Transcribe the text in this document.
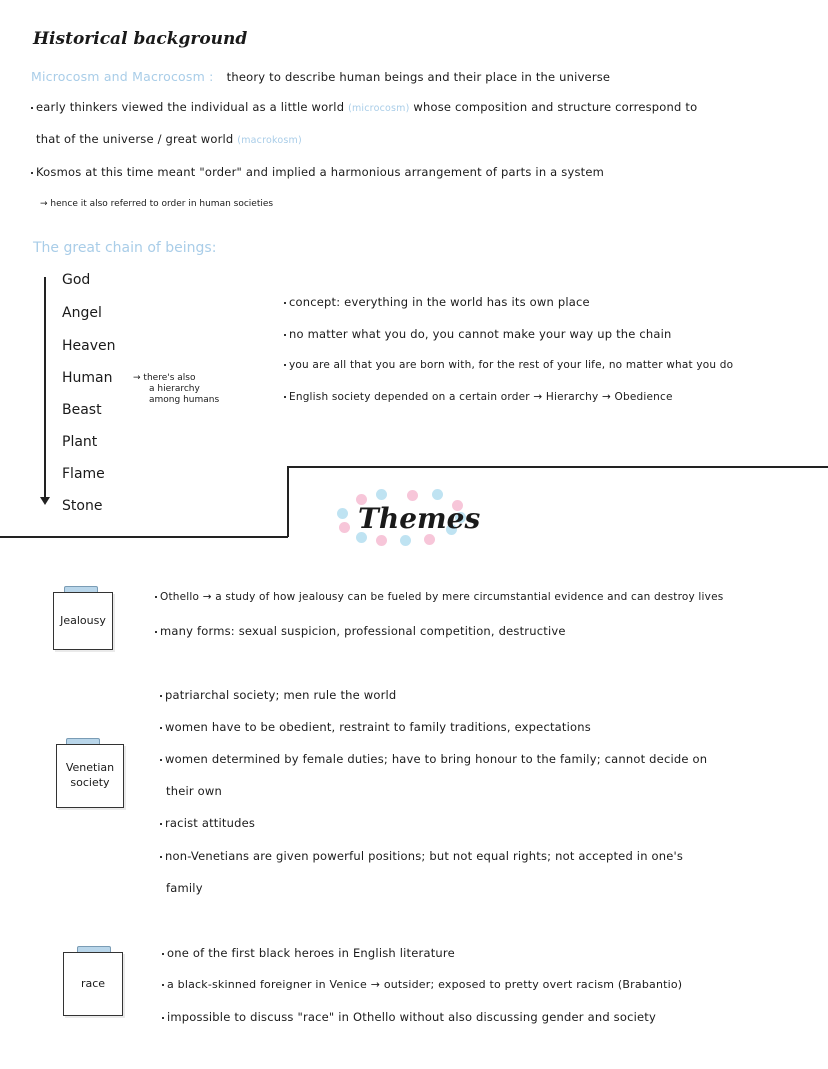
Historical background
Microcosm and Macrocosm : theory to describe human beings and their place in the universe
early thinkers viewed the individual as a little world (microcosm) whose composition and structure correspond to
that of the universe / great world (macrokosm)
Kosmos at this time meant "order" and implied a harmonious arrangement of parts in a system
→ hence it also referred to order in human societies
The great chain of beings:
God
Angel
Heaven
Human
Beast
Plant
Flame
Stone
→ there's also
a hierarchy
among humans
concept: everything in the world has its own place
no matter what you do, you cannot make your way up the chain
you are all that you are born with, for the rest of your life, no matter what you do
English society depended on a certain order → Hierarchy → Obedience
Themes
Jealousy
Othello → a study of how jealousy can be fueled by mere circumstantial evidence and can destroy lives
many forms: sexual suspicion, professional competition, destructive
Venetian
society
patriarchal society; men rule the world
women have to be obedient, restraint to family traditions, expectations
women determined by female duties; have to bring honour to the family; cannot decide on
their own
racist attitudes
non-Venetians are given powerful positions; but not equal rights; not accepted in one's
family
race
one of the first black heroes in English literature
a black-skinned foreigner in Venice → outsider; exposed to pretty overt racism (Brabantio)
impossible to discuss "race" in Othello without also discussing gender and society
